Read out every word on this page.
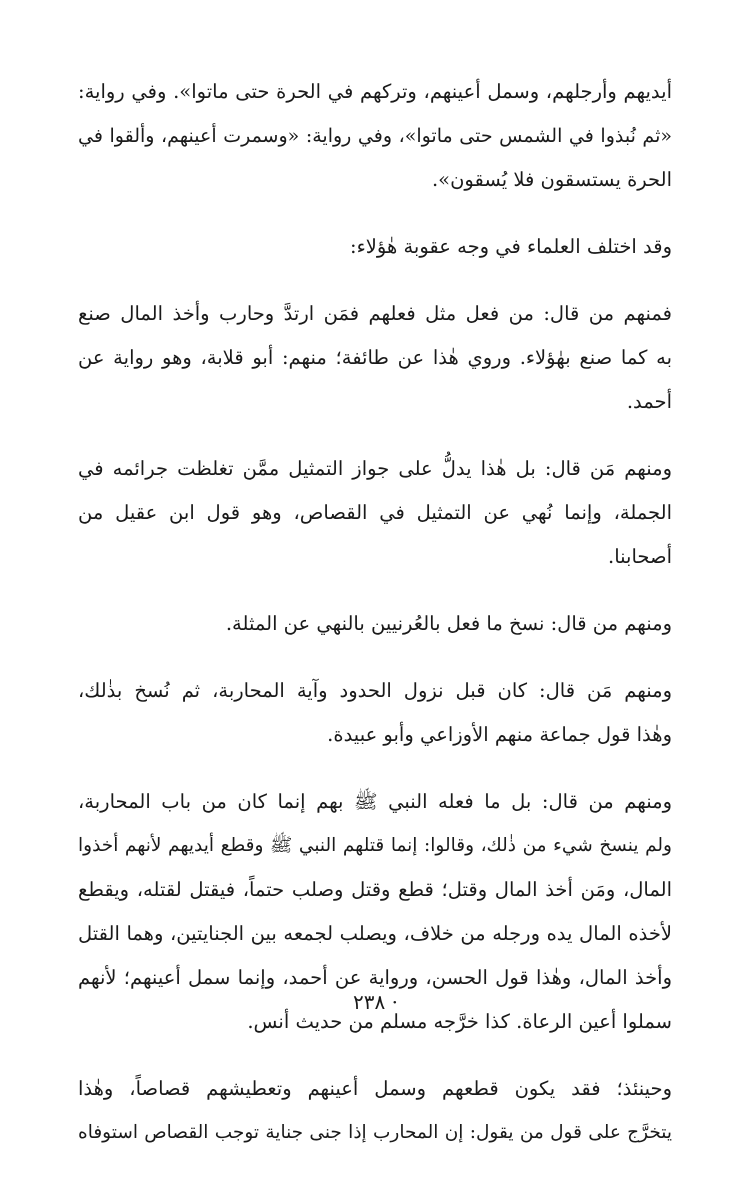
أيديهم وأرجلهم، وسمل أعينهم، وتركهم في الحرة حتى ماتوا». وفي رواية:
«ثم نُبذوا في الشمس حتى ماتوا»، وفي رواية: «وسمرت أعينهم، وألقوا في
الحرة يستسقون فلا يُسقون».
وقد اختلف العلماء في وجه عقوبة هٰؤلاء:
فمنهم من قال: من فعل مثل فعلهم فمَن ارتدَّ وحارب وأخذ المال صنع
به كما صنع بهٰؤلاء. وروي هٰذا عن طائفة؛ منهم: أبو قلابة، وهو رواية عن
أحمد.
ومنهم مَن قال: بل هٰذا يدلُّ على جواز التمثيل ممَّن تغلظت جرائمه في
الجملة، وإنما نُهي عن التمثيل في القصاص، وهو قول ابن عقيل من
أصحابنا.
ومنهم من قال: نسخ ما فعل بالعُرنيين بالنهي عن المثلة.
ومنهم مَن قال: كان قبل نزول الحدود وآية المحاربة، ثم نُسخ بذٰلك،
وهٰذا قول جماعة منهم الأوزاعي وأبو عبيدة.
ومنهم من قال: بل ما فعله النبي ﷺ بهم إنما كان من باب المحاربة،
ولم ينسخ شيء من ذٰلك، وقالوا: إنما قتلهم النبي ﷺ وقطع أيديهم لأنهم أخذوا
المال، ومَن أخذ المال وقتل؛ قطع وقتل وصلب حتماً، فيقتل لقتله، ويقطع
لأخذه المال يده ورجله من خلاف، ويصلب لجمعه بين الجنايتين، وهما القتل
وأخذ المال، وهٰذا قول الحسن، ورواية عن أحمد، وإنما سمل أعينهم؛ لأنهم
سملوا أعين الرعاة. كذا خرَّجه مسلم من حديث أنس.
وحينئذ؛ فقد يكون قطعهم وسمل أعينهم وتعطيشهم قصاصاً، وهٰذا
يتخرَّج على قول من يقول: إن المحارب إذا جنى جناية توجب القصاص استوفاه
· ٢٣٨
